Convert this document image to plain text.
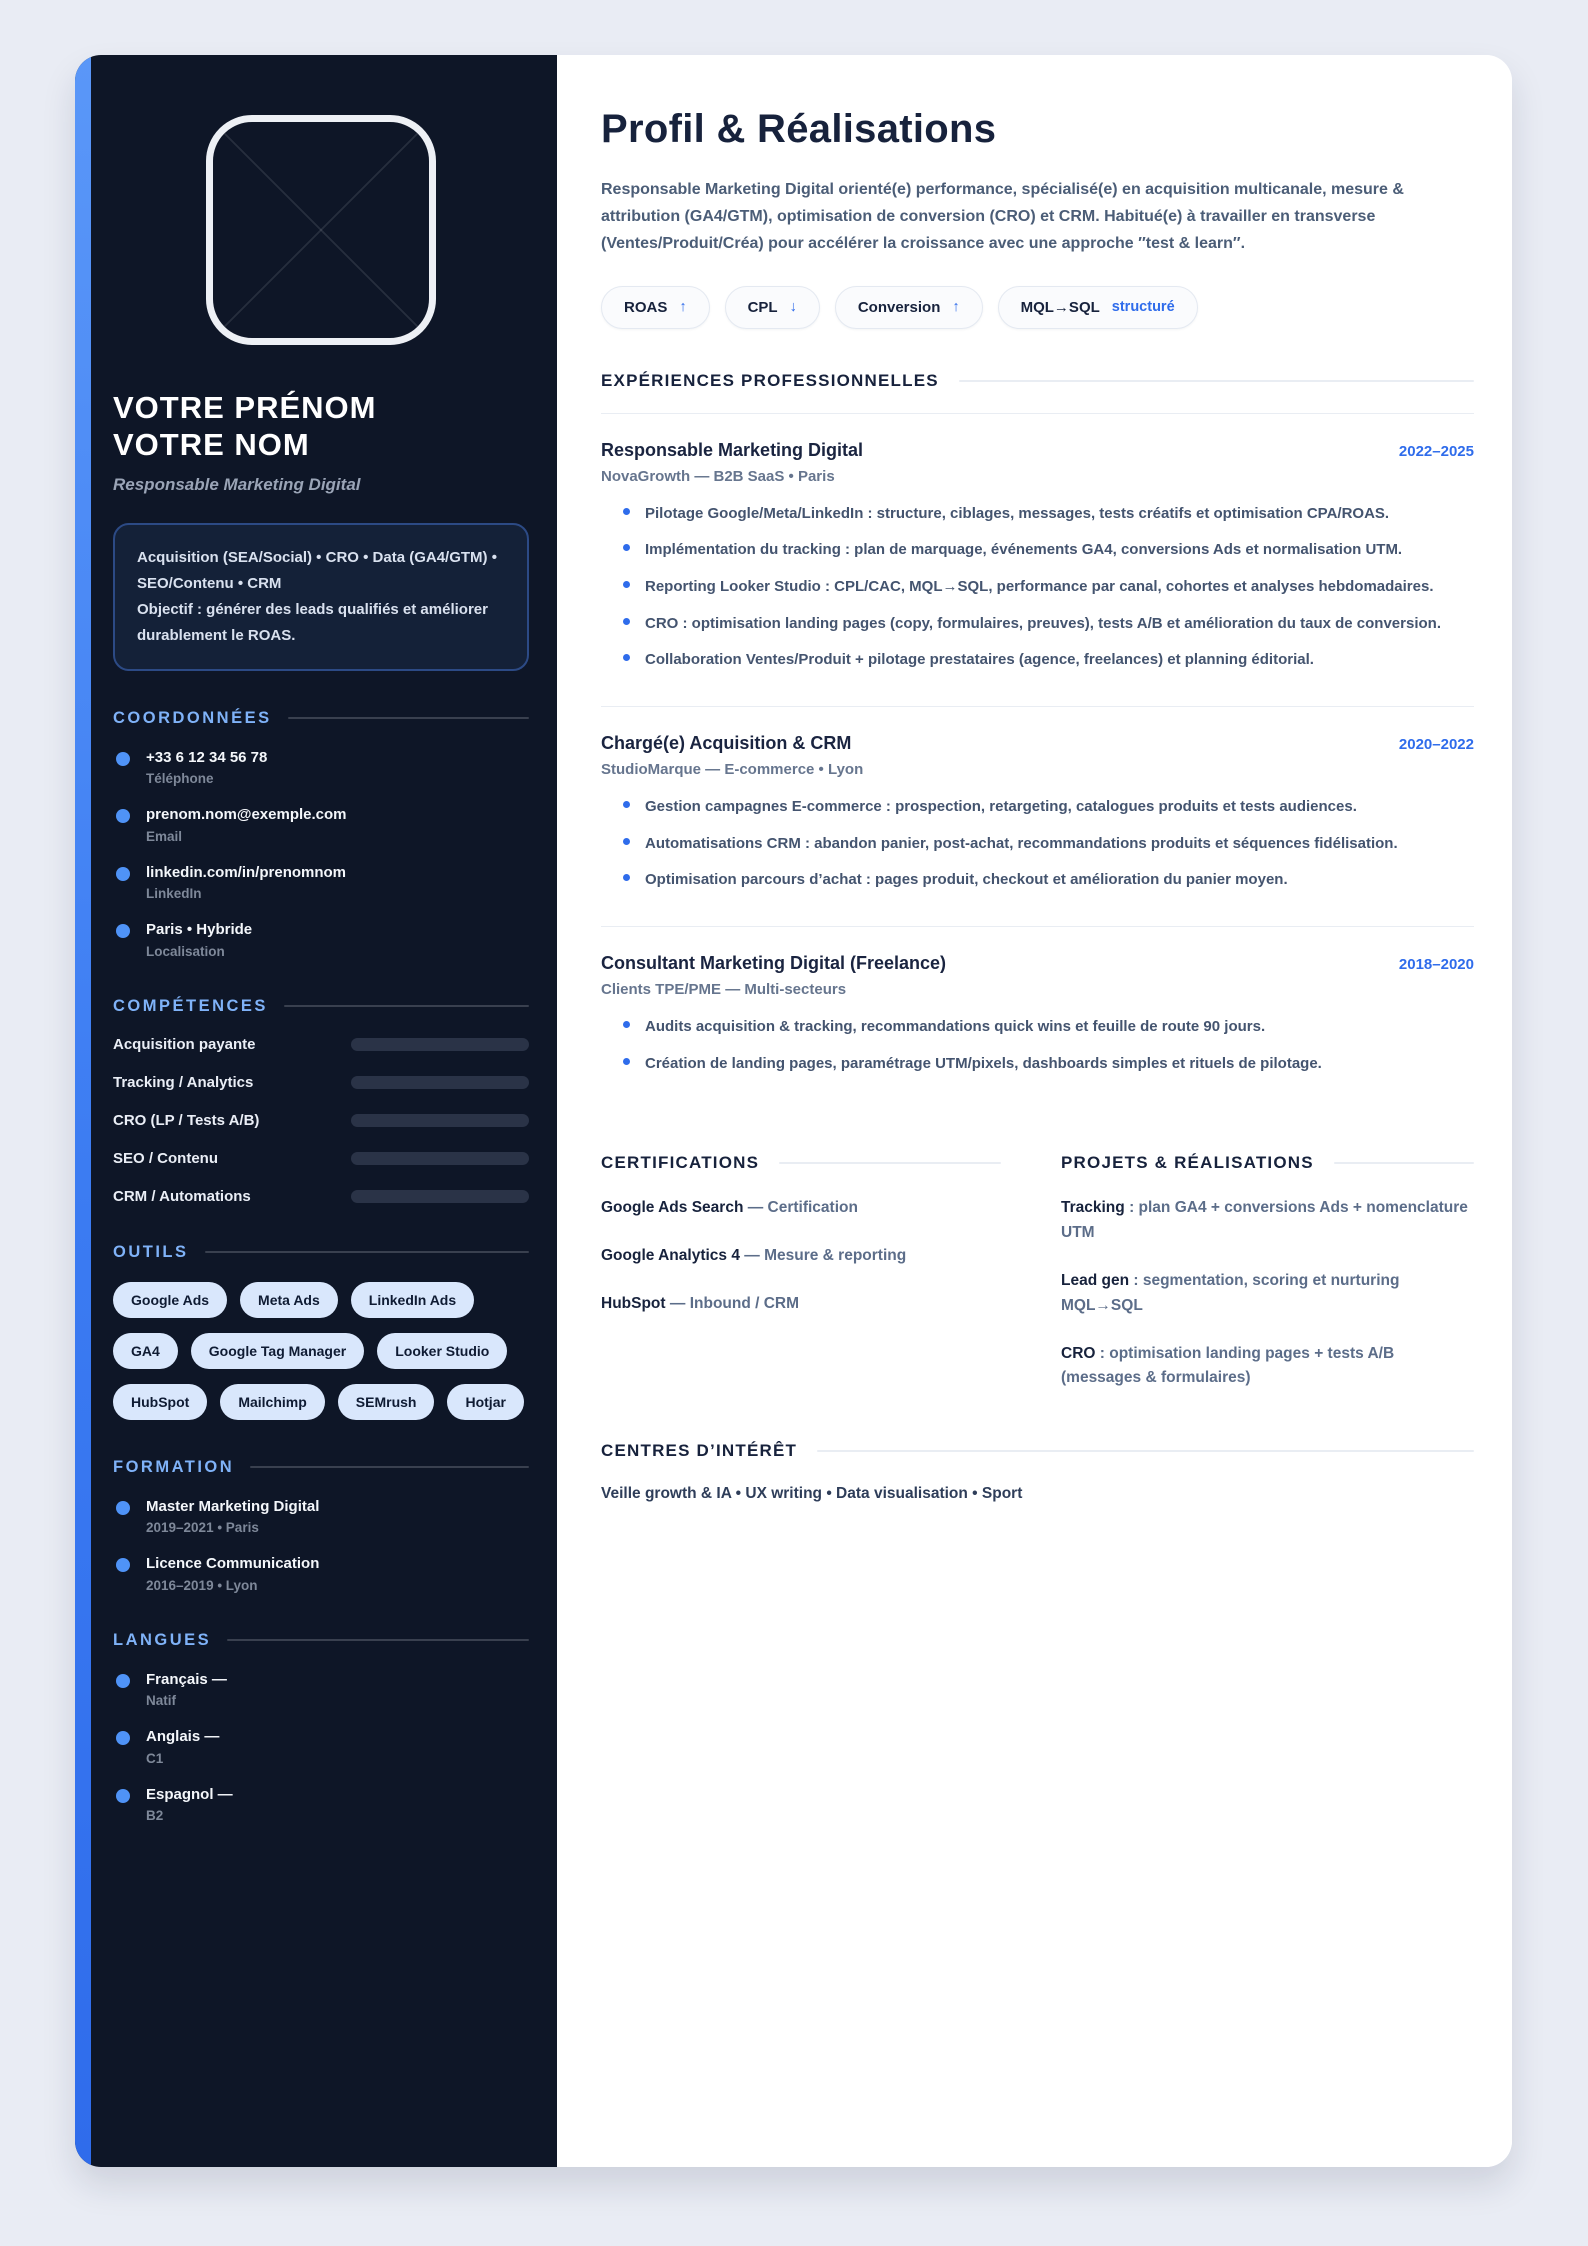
VOTRE PRÉNOM
VOTRE NOM
Responsable Marketing Digital
Acquisition (SEA/Social) • CRO • Data (GA4/GTM) • SEO/Contenu • CRM
Objectif : générer des leads qualifiés et améliorer durablement le ROAS.
COORDONNÉES
+33 6 12 34 56 78
Téléphone
prenom.nom@exemple.com
Email
linkedin.com/in/prenomnom
LinkedIn
Paris • Hybride
Localisation
COMPÉTENCES
Acquisition payante
Tracking / Analytics
CRO (LP / Tests A/B)
SEO / Contenu
CRM / Automations
OUTILS
Google Ads	Meta Ads	LinkedIn Ads
GA4	Google Tag Manager	Looker Studio
HubSpot	Mailchimp	SEMrush	Hotjar
FORMATION
Master Marketing Digital
2019–2021 • Paris
Licence Communication
2016–2019 • Lyon
LANGUES
Français —
Natif
Anglais —
C1
Espagnol —
B2
Profil & Réalisations

Responsable Marketing Digital orienté(e) performance, spécialisé(e) en acquisition multicanale, mesure & attribution (GA4/GTM), optimisation de conversion (CRO) et CRM. Habitué(e) à travailler en transverse (Ventes/Produit/Créa) pour accélérer la croissance avec une approche ″test & learn″.

ROAS ↑	CPL ↓	Conversion ↑	MQL→SQL structuré
EXPÉRIENCES PROFESSIONNELLES
Responsable Marketing Digital	2022–2025
NovaGrowth — B2B SaaS • Paris
Pilotage Google/Meta/LinkedIn : structure, ciblages, messages, tests créatifs et optimisation CPA/ROAS.
Implémentation du tracking : plan de marquage, événements GA4, conversions Ads et normalisation UTM.
Reporting Looker Studio : CPL/CAC, MQL→SQL, performance par canal, cohortes et analyses hebdomadaires.
CRO : optimisation landing pages (copy, formulaires, preuves), tests A/B et amélioration du taux de conversion.
Collaboration Ventes/Produit + pilotage prestataires (agence, freelances) et planning éditorial.
Chargé(e) Acquisition & CRM	2020–2022
StudioMarque — E-commerce • Lyon
Gestion campagnes E-commerce : prospection, retargeting, catalogues produits et tests audiences.
Automatisations CRM : abandon panier, post-achat, recommandations produits et séquences fidélisation.
Optimisation parcours d’achat : pages produit, checkout et amélioration du panier moyen.
Consultant Marketing Digital (Freelance)	2018–2020
Clients TPE/PME — Multi-secteurs
Audits acquisition & tracking, recommandations quick wins et feuille de route 90 jours.
Création de landing pages, paramétrage UTM/pixels, dashboards simples et rituels de pilotage.
CERTIFICATIONS

Google Ads Search — Certification

Google Analytics 4 — Mesure & reporting

HubSpot — Inbound / CRM

PROJETS & RÉALISATIONS

Tracking : plan GA4 + conversions Ads + nomenclature UTM

Lead gen : segmentation, scoring et nurturing MQL→SQL

CRO : optimisation landing pages + tests A/B (messages & formulaires)

CENTRES D’INTÉRÊT

Veille growth & IA • UX writing • Data visualisation • Sport
